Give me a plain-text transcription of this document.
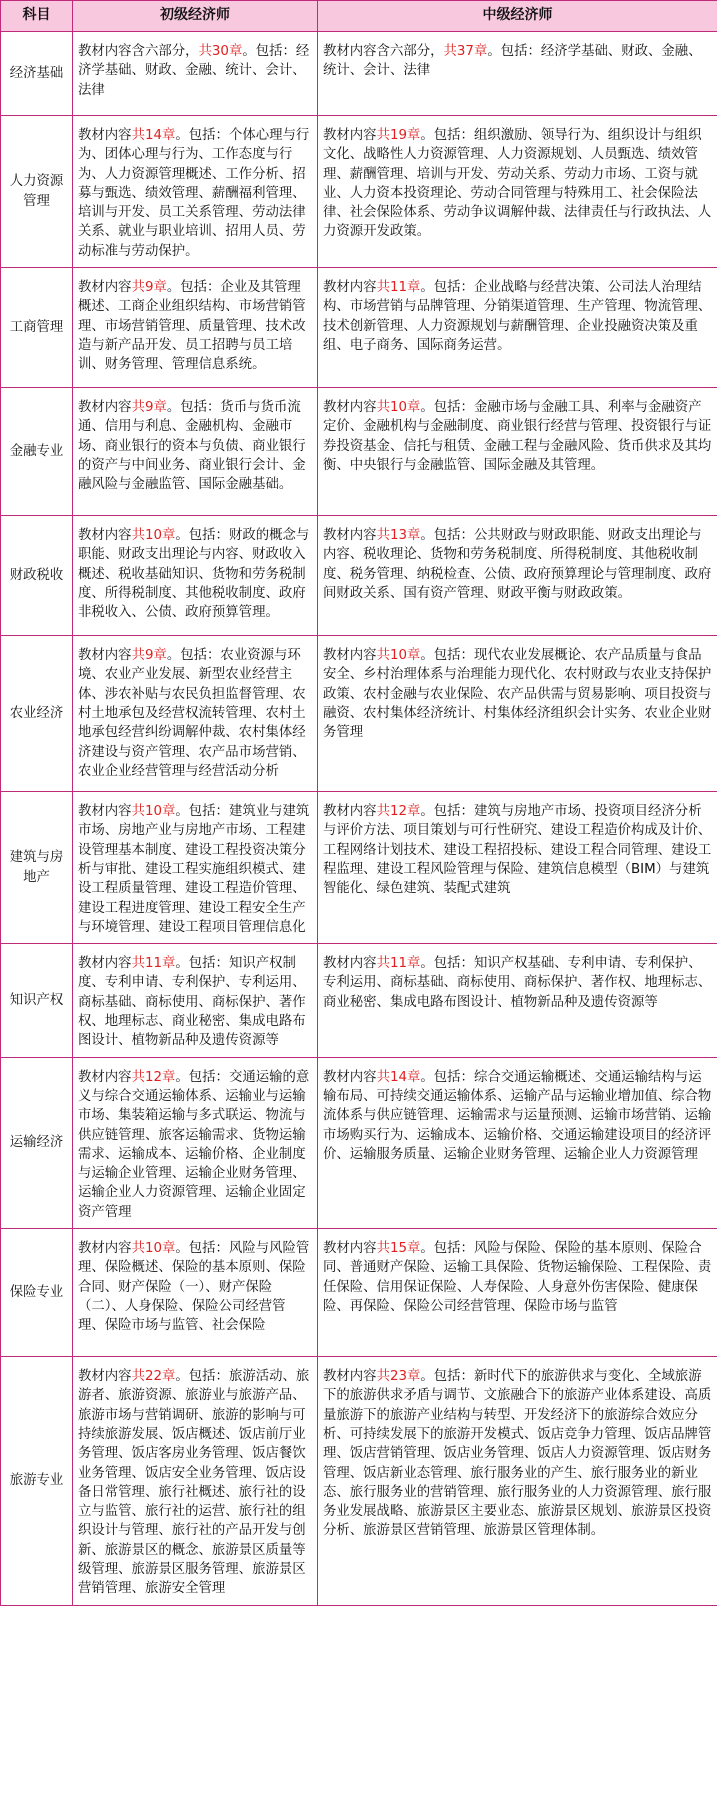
科目	初级经济师	中级经济师
经济基础	教材内容含六部分，共30章。包括：经济学基础、财政、金融、统计、会计、法律	教材内容含六部分，共37章。包括：经济学基础、财政、金融、统计、会计、法律
人力资源管理	教材内容共14章。包括：个体心理与行为、团体心理与行为、工作态度与行为、人力资源管理概述、工作分析、招募与甄选、绩效管理、薪酬福利管理、培训与开发、员工关系管理、劳动法律关系、就业与职业培训、招用人员、劳动标准与劳动保护。	教材内容共19章。包括：组织激励、领导行为、组织设计与组织文化、战略性人力资源管理、人力资源规划、人员甄选、绩效管理、薪酬管理、培训与开发、劳动关系、劳动力市场、工资与就业、人力资本投资理论、劳动合同管理与特殊用工、社会保险法律、社会保险体系、劳动争议调解仲裁、法律责任与行政执法、人力资源开发政策。
工商管理	教材内容共9章。包括：企业及其管理概述、工商企业组织结构、市场营销管理、市场营销管理、质量管理、技术改造与新产品开发、员工招聘与员工培训、财务管理、管理信息系统。	教材内容共11章。包括：企业战略与经营决策、公司法人治理结构、市场营销与品牌管理、分销渠道管理、生产管理、物流管理、技术创新管理、人力资源规划与薪酬管理、企业投融资决策及重组、电子商务、国际商务运营。
金融专业	教材内容共9章。包括：货币与货币流通、信用与利息、金融机构、金融市场、商业银行的资本与负债、商业银行的资产与中间业务、商业银行会计、金融风险与金融监管、国际金融基础。	教材内容共10章。包括：金融市场与金融工具、利率与金融资产定价、金融机构与金融制度、商业银行经营与管理、投资银行与证券投资基金、信托与租赁、金融工程与金融风险、货币供求及其均衡、中央银行与金融监管、国际金融及其管理。
财政税收	教材内容共10章。包括：财政的概念与职能、财政支出理论与内容、财政收入概述、税收基础知识、货物和劳务税制度、所得税制度、其他税收制度、政府非税收入、公债、政府预算管理。	教材内容共13章。包括：公共财政与财政职能、财政支出理论与内容、税收理论、货物和劳务税制度、所得税制度、其他税收制度、税务管理、纳税检查、公债、政府预算理论与管理制度、政府间财政关系、国有资产管理、财政平衡与财政政策。
农业经济	教材内容共9章。包括：农业资源与环境、农业产业发展、新型农业经营主体、涉农补贴与农民负担监督管理、农村土地承包及经营权流转管理、农村土地承包经营纠纷调解仲裁、农村集体经济建设与资产管理、农产品市场营销、农业企业经营管理与经营活动分析	教材内容共10章。包括：现代农业发展概论、农产品质量与食品安全、乡村治理体系与治理能力现代化、农村财政与农业支持保护政策、农村金融与农业保险、农产品供需与贸易影响、项目投资与融资、农村集体经济统计、村集体经济组织会计实务、农业企业财务管理
建筑与房地产	教材内容共10章。包括：建筑业与建筑市场、房地产业与房地产市场、工程建设管理基本制度、建设工程投资决策分析与审批、建设工程实施组织模式、建设工程质量管理、建设工程造价管理、建设工程进度管理、建设工程安全生产与环境管理、建设工程项目管理信息化	教材内容共12章。包括：建筑与房地产市场、投资项目经济分析与评价方法、项目策划与可行性研究、建设工程造价构成及计价、工程网络计划技术、建设工程招投标、建设工程合同管理、建设工程监理、建设工程风险管理与保险、建筑信息模型（BIM）与建筑智能化、绿色建筑、装配式建筑
知识产权	教材内容共11章。包括：知识产权制度、专利申请、专利保护、专利运用、商标基础、商标使用、商标保护、著作权、地理标志、商业秘密、集成电路布图设计、植物新品种及遗传资源等	教材内容共11章。包括：知识产权基础、专利申请、专利保护、专利运用、商标基础、商标使用、商标保护、著作权、地理标志、商业秘密、集成电路布图设计、植物新品种及遗传资源等
运输经济	教材内容共12章。包括：交通运输的意义与综合交通运输体系、运输业与运输市场、集装箱运输与多式联运、物流与供应链管理、旅客运输需求、货物运输需求、运输成本、运输价格、企业制度与运输企业管理、运输企业财务管理、运输企业人力资源管理、运输企业固定资产管理	教材内容共14章。包括：综合交通运输概述、交通运输结构与运输布局、可持续交通运输体系、运输产品与运输业增加值、综合物流体系与供应链管理、运输需求与运量预测、运输市场营销、运输市场购买行为、运输成本、运输价格、交通运输建设项目的经济评价、运输服务质量、运输企业财务管理、运输企业人力资源管理
保险专业	教材内容共10章。包括：风险与风险管理、保险概述、保险的基本原则、保险合同、财产保险（一）、财产保险（二）、人身保险、保险公司经营管理、保险市场与监管、社会保险	教材内容共15章。包括：风险与保险、保险的基本原则、保险合同、普通财产保险、运输工具保险、货物运输保险、工程保险、责任保险、信用保证保险、人寿保险、人身意外伤害保险、健康保险、再保险、保险公司经营管理、保险市场与监管
旅游专业	教材内容共22章。包括：旅游活动、旅游者、旅游资源、旅游业与旅游产品、旅游市场与营销调研、旅游的影响与可持续旅游发展、饭店概述、饭店前厅业务管理、饭店客房业务管理、饭店餐饮业务管理、饭店安全业务管理、饭店设备日常管理、旅行社概述、旅行社的设立与监管、旅行社的运营、旅行社的组织设计与管理、旅行社的产品开发与创新、旅游景区的概念、旅游景区质量等级管理、旅游景区服务管理、旅游景区营销管理、旅游安全管理	教材内容共23章。包括：新时代下的旅游供求与变化、全域旅游下的旅游供求矛盾与调节、文旅融合下的旅游产业体系建设、高质量旅游下的旅游产业结构与转型、开发经济下的旅游综合效应分析、可持续发展下的旅游开发模式、饭店竞争力管理、饭店品牌管理、饭店营销管理、饭店业务管理、饭店人力资源管理、饭店财务管理、饭店新业态管理、旅行服务业的产生、旅行服务业的新业态、旅行服务业的营销管理、旅行服务业的人力资源管理、旅行服务业发展战略、旅游景区主要业态、旅游景区规划、旅游景区投资分析、旅游景区营销管理、旅游景区管理体制。
